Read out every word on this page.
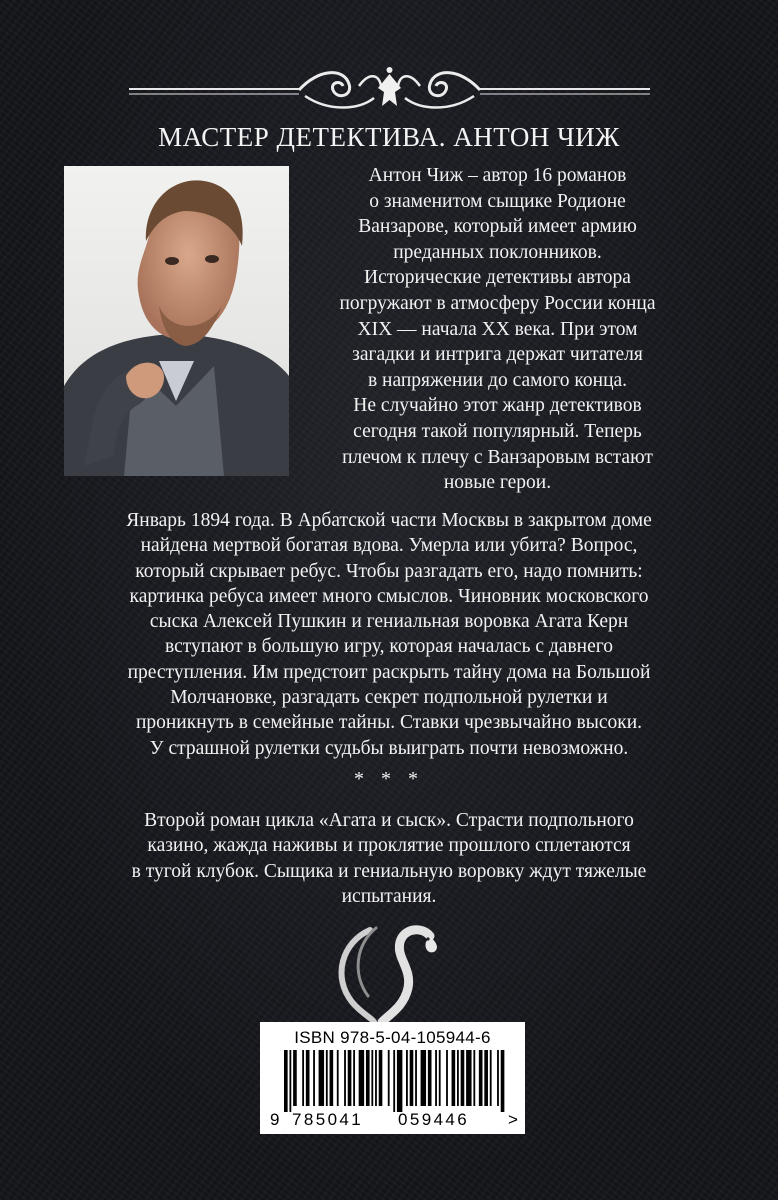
МАСТЕР ДЕТЕКТИВА. АНТОН ЧИЖ

Антон Чиж – автор 16 романов
о знаменитом сыщике Родионе
Ванзарове, который имеет армию
преданных поклонников.
Исторические детективы автора
погружают в атмосферу России конца
XIX — начала XX века. При этом
загадки и интрига держат читателя
в напряжении до самого конца.
Не случайно этот жанр детективов
сегодня такой популярный. Теперь
плечом к плечу с Ванзаровым встают
новые герои.

Январь 1894 года. В Арбатской части Москвы в закрытом доме
найдена мертвой богатая вдова. Умерла или убита? Вопрос,
который скрывает ребус. Чтобы разгадать его, надо помнить:
картинка ребуса имеет много смыслов. Чиновник московского
сыска Алексей Пушкин и гениальная воровка Агата Керн
вступают в большую игру, которая началась с давнего
преступления. Им предстоит раскрыть тайну дома на Большой
Молчановке, разгадать секрет подпольной рулетки и
проникнуть в семейные тайны. Ставки чрезвычайно высоки.
У страшной рулетки судьбы выиграть почти невозможно.

* * *

Второй роман цикла «Агата и сыск». Страсти подпольного
казино, жажда наживы и проклятие прошлого сплетаются
в тугой клубок. Сыщика и гениальную воровку ждут тяжелые
испытания.

ISBN 978-5-04-105944-6
9 785041 059446 >
